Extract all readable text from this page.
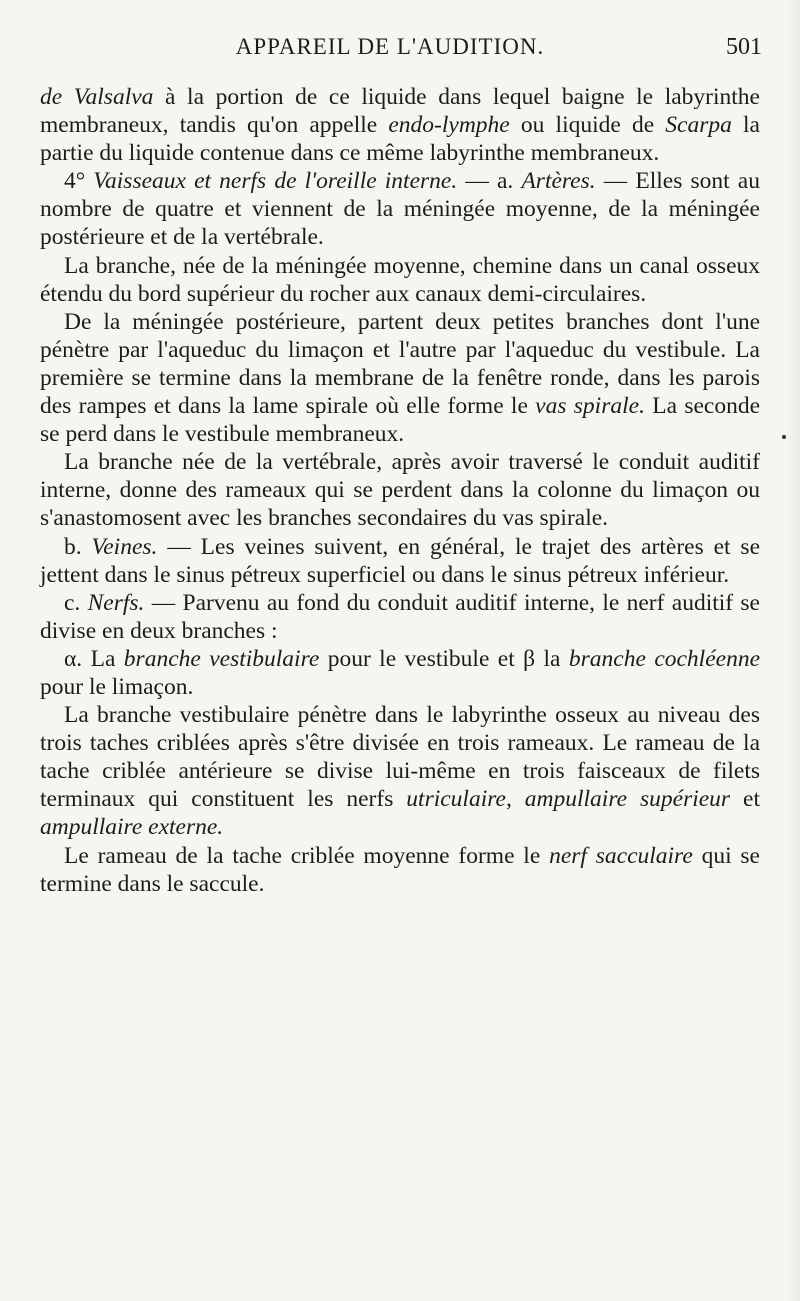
APPAREIL DE L'AUDITION.	501

de Valsalva à la portion de ce liquide dans lequel baigne le labyrinthe membraneux, tandis qu'on appelle endo-lymphe ou liquide de Scarpa la partie du liquide contenue dans ce même labyrinthe membraneux.

4° Vaisseaux et nerfs de l'oreille interne. — a. Artères. — Elles sont au nombre de quatre et viennent de la méningée moyenne, de la méningée postérieure et de la vertébrale.

La branche, née de la méningée moyenne, chemine dans un canal osseux étendu du bord supérieur du rocher aux canaux demi-circulaires.

De la méningée postérieure, partent deux petites branches dont l'une pénètre par l'aqueduc du limaçon et l'autre par l'aqueduc du vestibule. La première se termine dans la membrane de la fenêtre ronde, dans les parois des rampes et dans la lame spirale où elle forme le vas spirale. La seconde se perd dans le vestibule membraneux.

La branche née de la vertébrale, après avoir traversé le conduit auditif interne, donne des rameaux qui se perdent dans la colonne du limaçon ou s'anastomosent avec les branches secondaires du vas spirale.

b. Veines. — Les veines suivent, en général, le trajet des artères et se jettent dans le sinus pétreux superficiel ou dans le sinus pétreux inférieur.

c. Nerfs. — Parvenu au fond du conduit auditif interne, le nerf auditif se divise en deux branches :

α. La branche vestibulaire pour le vestibule et β la branche cochléenne pour le limaçon.

La branche vestibulaire pénètre dans le labyrinthe osseux au niveau des trois taches criblées après s'être divisée en trois rameaux. Le rameau de la tache criblée antérieure se divise lui-même en trois faisceaux de filets terminaux qui constituent les nerfs utriculaire, ampullaire supérieur et ampullaire externe.

Le rameau de la tache criblée moyenne forme le nerf sacculaire qui se termine dans le saccule.
